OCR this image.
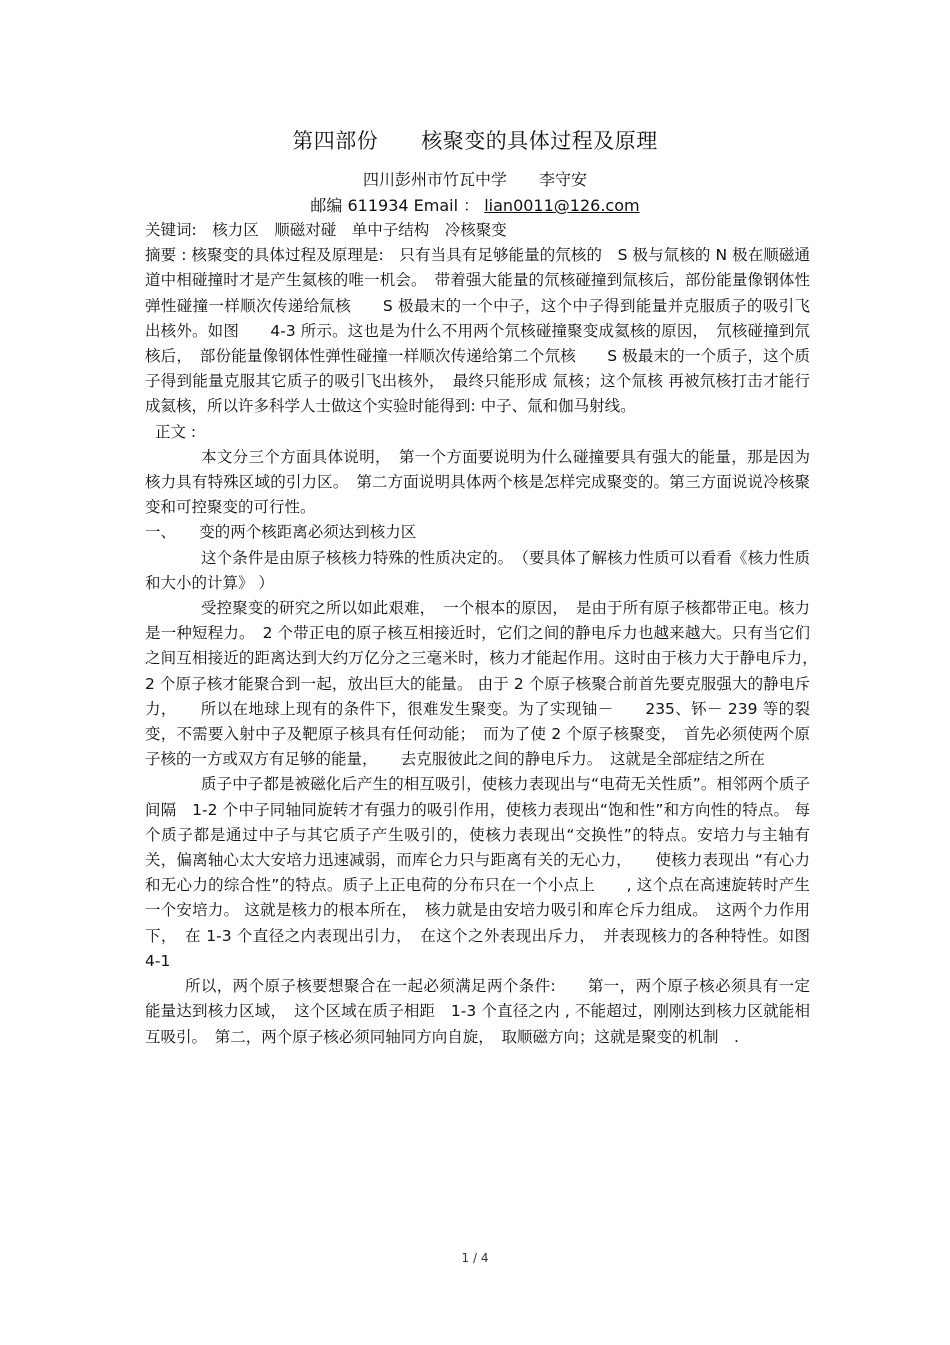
第四部份　　核聚变的具体过程及原理
四川彭州市竹瓦中学　　李守安
邮编 611934 Email ： lian0011@126.com

关键词:　核力区　顺磁对碰　单中子结构　冷核聚变

摘要 : 核聚变的具体过程及原理是:　只有当具有足够能量的氘核的　S 极与氚核的 N 极在顺磁通道中相碰撞时才是产生氦核的唯一机会。　带着强大能量的氘核碰撞到氚核后，部份能量像钢体性弹性碰撞一样顺次传递给氚核　　S 极最末的一个中子，这个中子得到能量并克服质子的吸引飞出核外。如图　　4-3 所示。这也是为什么不用两个氘核碰撞聚变成氦核的原因，　氘核碰撞到氘核后，　部份能量像钢体性弹性碰撞一样顺次传递给第二个氘核　　S 极最末的一个质子，这个质子得到能量克服其它质子的吸引飞出核外，　最终只能形成 氚核；这个氚核 再被氘核打击才能行成氦核，所以许多科学人士做这个实验时能得到: 中子、氚和伽马射线。

正文 :

本文分三个方面具体说明，　第一个方面要说明为什么碰撞要具有强大的能量，那是因为核力具有特殊区域的引力区。　第二方面说明具体两个核是怎样完成聚变的。第三方面说说冷核聚变和可控聚变的可行性。

一、　　变的两个核距离必须达到核力区

这个条件是由原子核核力特殊的性质决定的。　（要具体了解核力性质可以看看《核力性质和大小的计算》 ）

受控聚变的研究之所以如此艰难，　一个根本的原因，　是由于所有原子核都带正电。核力是一种短程力。　2 个带正电的原子核互相接近时，它们之间的静电斥力也越来越大。只有当它们之间互相接近的距离达到大约万亿分之三毫米时，核力才能起作用。这时由于核力大于静电斥力，　　2 个原子核才能聚合到一起，放出巨大的能量。 由于 2 个原子核聚合前首先要克服强大的静电斥力，　　所以在地球上现有的条件下，很难发生聚变。为了实现铀－　　235、钚－ 239 等的裂变，不需要入射中子及靶原子核具有任何动能；　而为了使 2 个原子核聚变，　首先必须使两个原子核的一方或双方有足够的能量，　　去克服彼此之间的静电斥力。　这就是全部症结之所在

质子中子都是被磁化后产生的相互吸引，使核力表现出与“电荷无关性质”。相邻两个质子间隔　1-2 个中子同轴同旋转才有强力的吸引作用，使核力表现出“饱和性”和方向性的特点。 每个质子都是通过中子与其它质子产生吸引的，使核力表现出“交换性”的特点。安培力与主轴有关，偏离轴心太大安培力迅速减弱，而库仑力只与距离有关的无心力，　　使核力表现出 “有心力和无心力的综合性”的特点。质子上正电荷的分布只在一个小点上　　, 这个点在高速旋转时产生一个安培力。 这就是核力的根本所在，　核力就是由安培力吸引和库仑斥力组成。　这两个力作用下，　在 1-3 个直径之内表现出引力，　在这个之外表现出斥力，　并表现核力的各种特性。如图　4-1

所以，两个原子核要想聚合在一起必须满足两个条件:　　第一，两个原子核必须具有一定能量达到核力区域，　这个区域在质子相距　1-3 个直径之内 , 不能超过，刚刚达到核力区就能相互吸引。　第二，两个原子核必须同轴同方向自旋，　取顺磁方向；这就是聚变的机制　.

1 / 4
